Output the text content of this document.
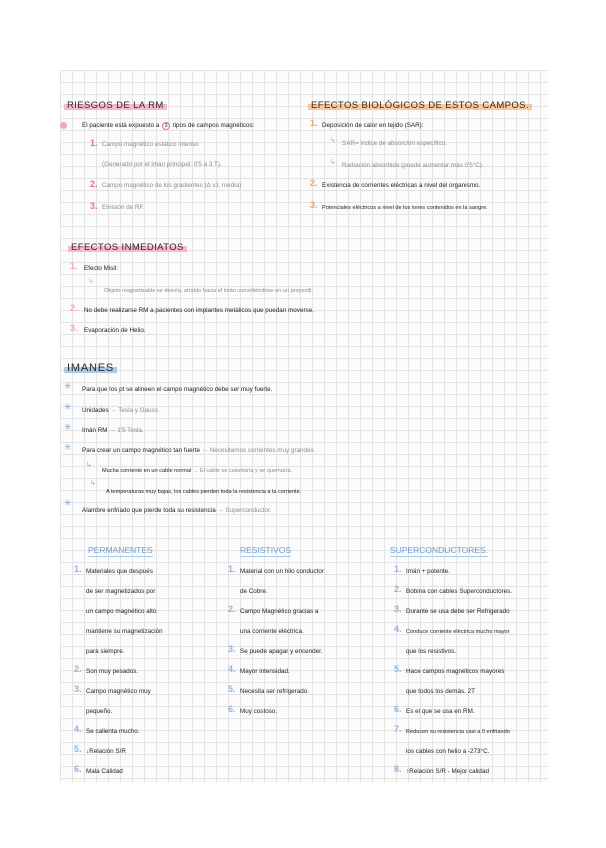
RIESGOS DE LA RM
El paciente está expuesto a 3 tipos de campos magnéticos:
1. Campo magnético estático intenso
(Generado por el imán principal: 0'5 a 3 T).
2. Campo magnético de los gradientes (∆ v.t. media)
3. Emisión de RF.
EFECTOS BIOLÓGICOS DE ESTOS CAMPOS.
1. Deposición de calor en tejido (SAR):
↳ SAR= índice de absorción específico.
↳ Radiación absorbida (puede aumentar más 0'5°C).
2. Existencia de corrientes eléctricas a nivel del organismo.
3. Potenciales eléctricos a nivel de los iones contenidos en la sangre.
EFECTOS INMEDIATOS
1. Efecto Misil:
↳
Objeto magnetizable se desvía, atraído hacia el imán convirtiéndose en un proyectil.
2. No debe realizarse RM a pacientes con implantes metálicos que puedan moverse.
3. Evaporación de Helio.
IMANES
✳ Para que los pt se alineen el campo magnético debe ser muy fuerte.
✳ Unidades → Tesla y Gauss.
✳ Imán RM → 1'5 Tesla.
✳ Para crear un campo magnético tan fuerte → Necesitamos corrientes muy grandes.
↳
Mucha corriente en un cable normal → El cable se calentaría y se quemaría.
↳
A temperaturas muy bajas, los cables pierden toda la resistencia a la corriente.
✳
Alambre enfriado que pierde toda su resistencia → Superconductor.
PERMANENTES
1. Materiales que después
de ser magnetizados por
un campo magnético alto
mantiene su magnetización
para siempre.
2. Son muy pesados.
3. Campo magnético muy
pequeño.
4. Se calienta mucho.
5. ↓Relación S/R
6. Mala Calidad
RESISTIVOS
1. Material con un hilo conductor
de Cobre.
2. Campo Magnético gracias a
una corriente eléctrica.
3. Se puede apagar y encender.
4. Mayor intensidad.
5. Necesita ser refrigerado.
6. Muy costoso.
SUPERCONDUCTORES.
1. Imán + potente.
2. Bobina con cables Superconductores.
3. Durante se usa debe ser Refrigerado
4. Conduce corriente eléctrica mucho mayor
que los resistivos.
5. Hace campos magnéticos mayores
que todos los demás. 2T
6. Es el que se usa en RM.
7. Reducen su resistencia casi a 0 enfriando
los cables con helio a -273°C.
8. ↑Relación S/R - Mejor calidad
